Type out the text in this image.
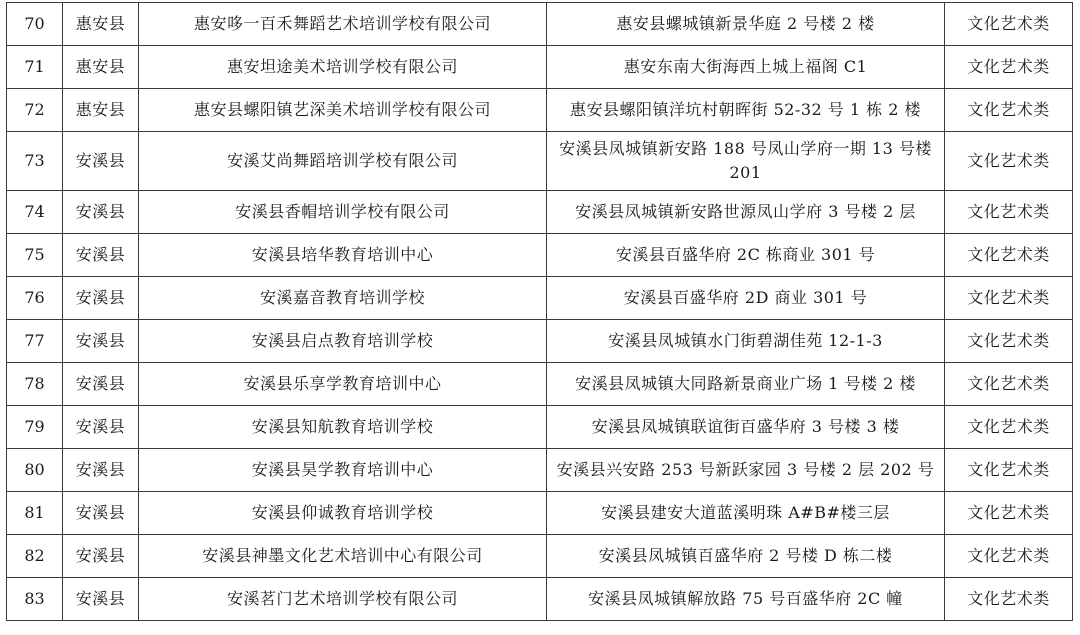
70	惠安县	惠安哆一百禾舞蹈艺术培训学校有限公司	惠安县螺城镇新景华庭 2 号楼 2 楼	文化艺术类
71	惠安县	惠安坦途美术培训学校有限公司	惠安东南大街海西上城上福阁 C1	文化艺术类
72	惠安县	惠安县螺阳镇艺深美术培训学校有限公司	惠安县螺阳镇洋坑村朝晖街 52-32 号 1 栋 2 楼	文化艺术类
73	安溪县	安溪艾尚舞蹈培训学校有限公司	安溪县凤城镇新安路 188 号凤山学府一期 13 号楼 201	文化艺术类
74	安溪县	安溪县香帽培训学校有限公司	安溪县凤城镇新安路世源凤山学府 3 号楼 2 层	文化艺术类
75	安溪县	安溪县培华教育培训中心	安溪县百盛华府 2C 栋商业 301 号	文化艺术类
76	安溪县	安溪嘉音教育培训学校	安溪县百盛华府 2D 商业 301 号	文化艺术类
77	安溪县	安溪县启点教育培训学校	安溪县凤城镇水门街碧湖佳苑 12-1-3	文化艺术类
78	安溪县	安溪县乐享学教育培训中心	安溪县凤城镇大同路新景商业广场 1 号楼 2 楼	文化艺术类
79	安溪县	安溪县知航教育培训学校	安溪县凤城镇联谊街百盛华府 3 号楼 3 楼	文化艺术类
80	安溪县	安溪县昊学教育培训中心	安溪县兴安路 253 号新跃家园 3 号楼 2 层 202 号	文化艺术类
81	安溪县	安溪县仰诚教育培训学校	安溪县建安大道蓝溪明珠 A#B#楼三层	文化艺术类
82	安溪县	安溪县神墨文化艺术培训中心有限公司	安溪县凤城镇百盛华府 2 号楼 D 栋二楼	文化艺术类
83	安溪县	安溪茗门艺术培训学校有限公司	安溪县凤城镇解放路 75 号百盛华府 2C 幢	文化艺术类
